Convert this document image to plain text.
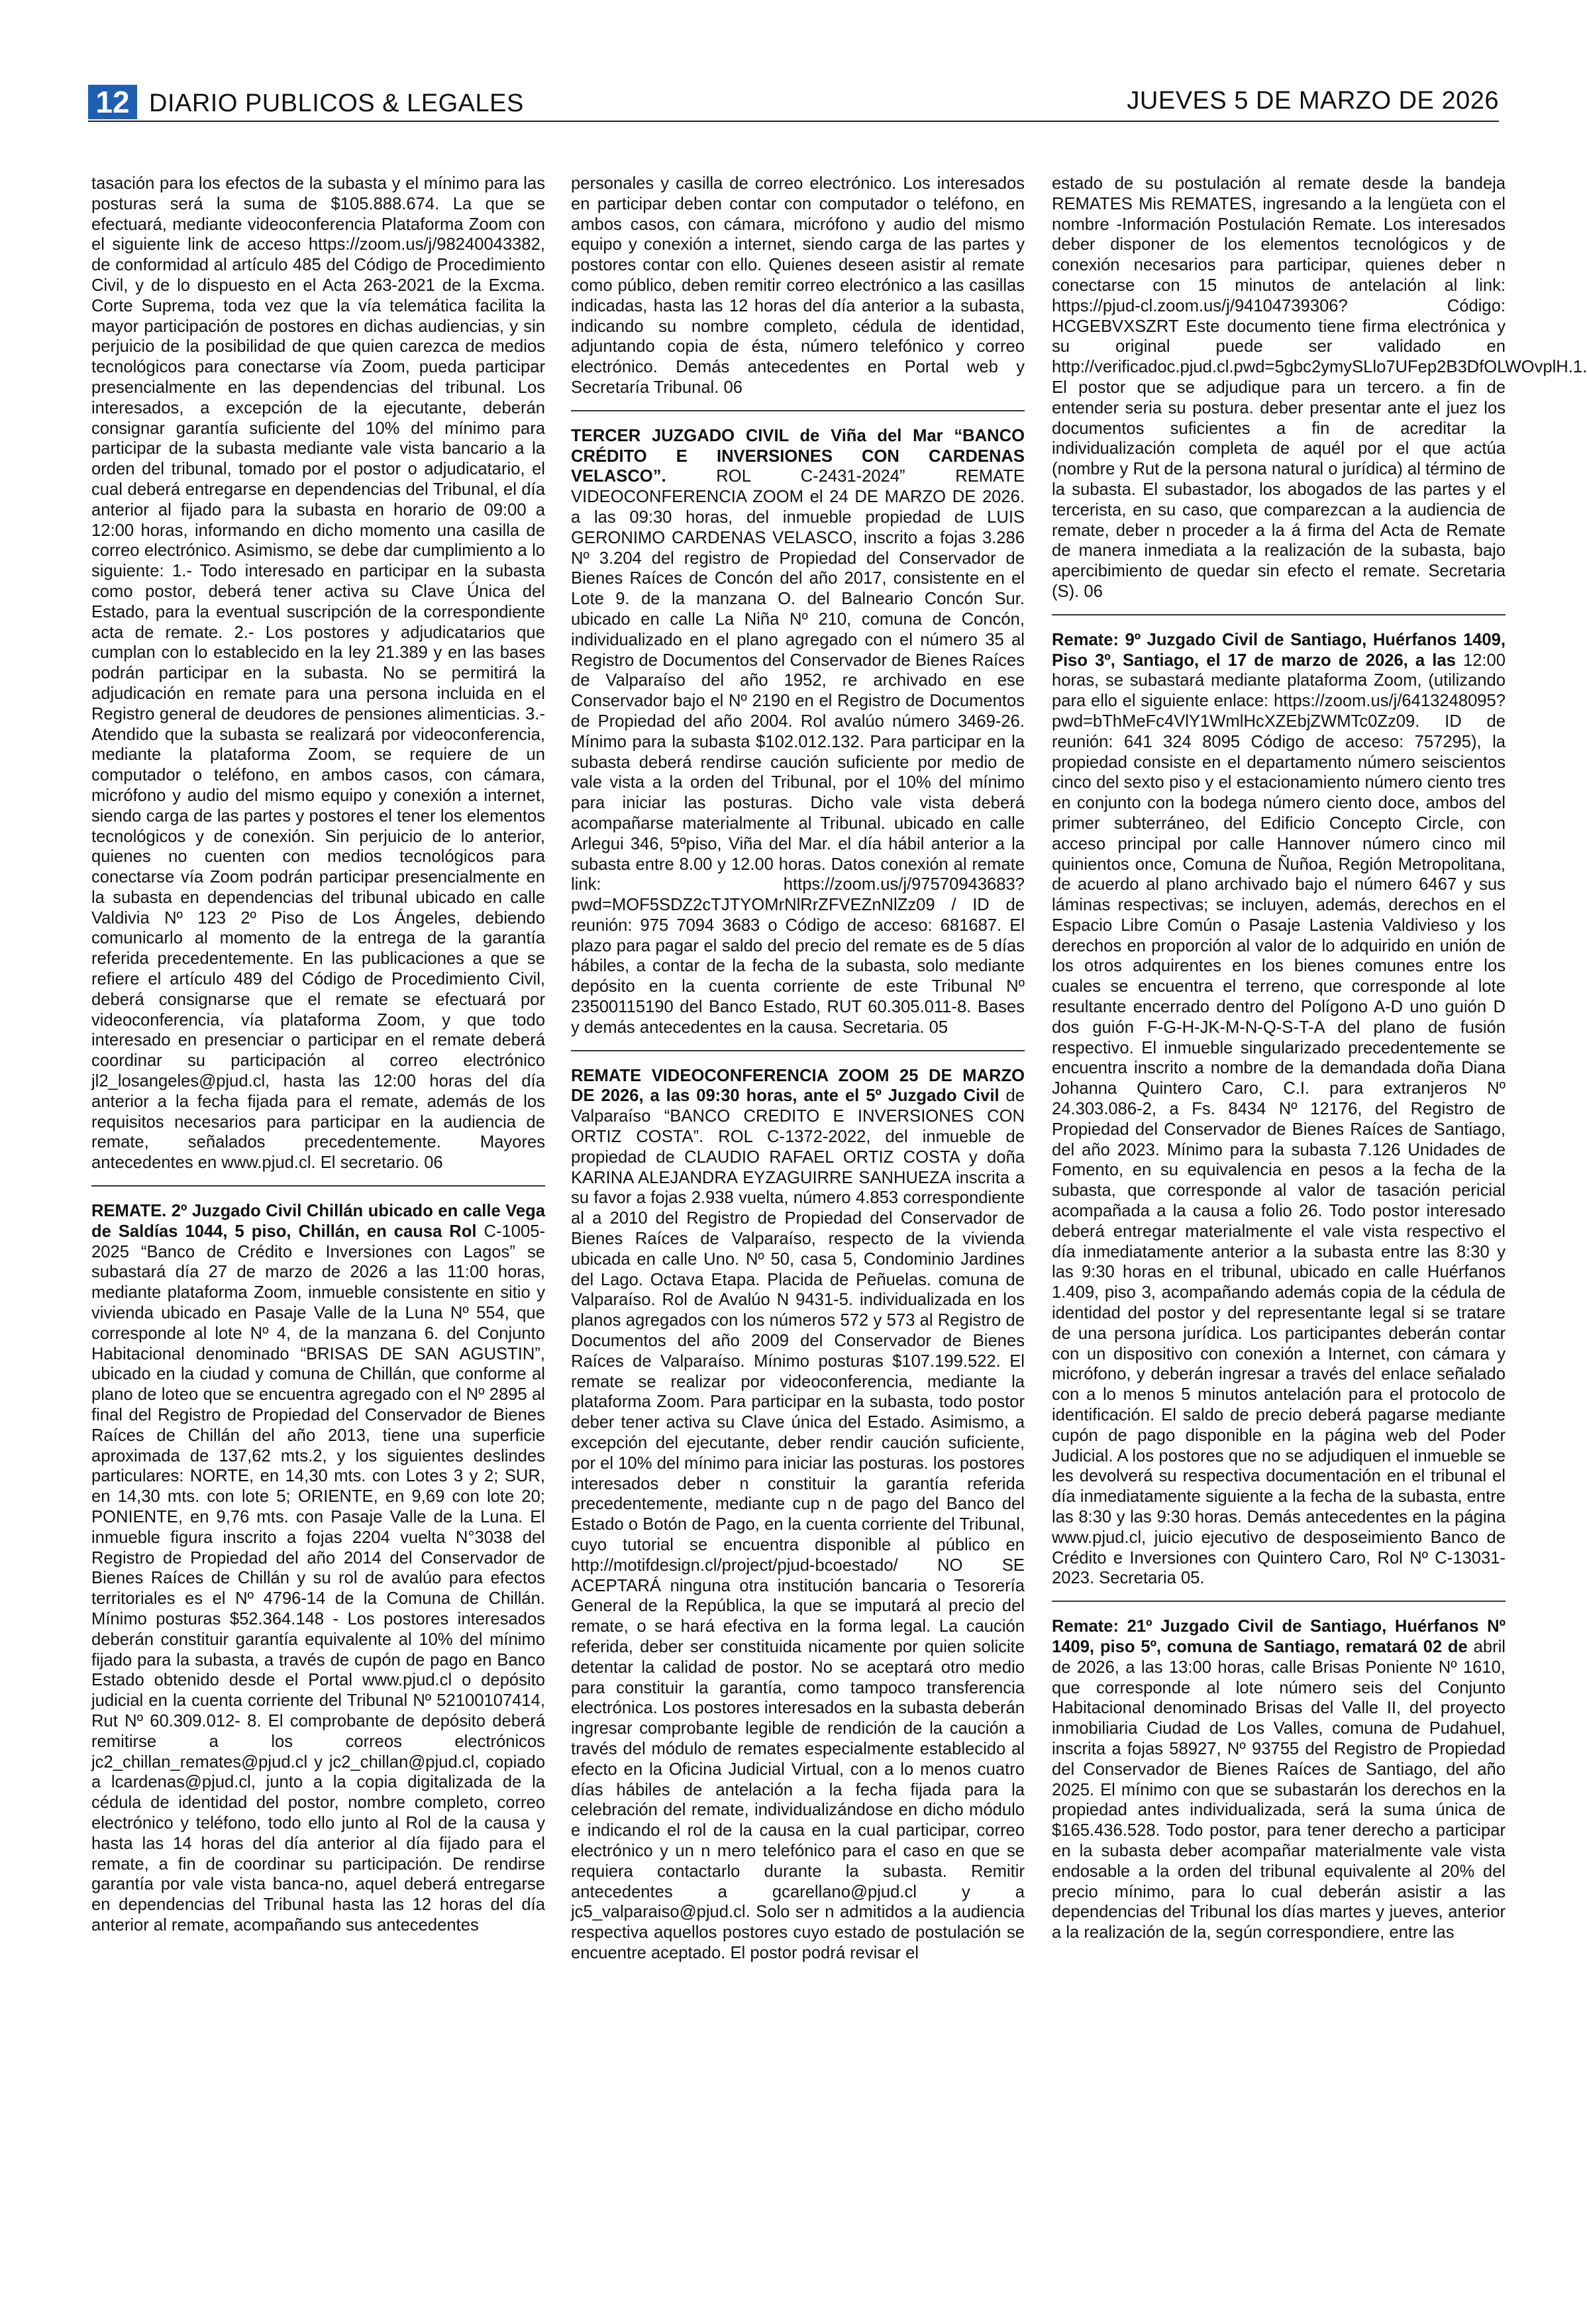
12 DIARIO PUBLICOS & LEGALES	JUEVES 5 DE MARZO DE 2026

tasación para los efectos de la subasta y el mínimo para las posturas será la suma de $105.888.674. La que se efectuará, mediante videoconferencia Plataforma Zoom con el siguiente link de acceso https://zoom.us/j/98240043382, de conformidad al artículo 485 del Código de Procedimiento Civil, y de lo dispuesto en el Acta 263-2021 de la Excma. Corte Suprema, toda vez que la vía telemática facilita la mayor participación de postores en dichas audiencias, y sin perjuicio de la posibilidad de que quien carezca de medios tecnológicos para conectarse vía Zoom, pueda participar presencialmente en las dependencias del tribunal. Los interesados, a excepción de la ejecutante, deberán consignar garantía suficiente del 10% del mínimo para participar de la subasta mediante vale vista bancario a la orden del tribunal, tomado por el postor o adjudicatario, el cual deberá entregarse en dependencias del Tribunal, el día anterior al fijado para la subasta en horario de 09:00 a 12:00 horas, informando en dicho momento una casilla de correo electrónico. Asimismo, se debe dar cumplimiento a lo siguiente: 1.- Todo interesado en participar en la subasta como postor, deberá tener activa su Clave Única del Estado, para la eventual suscripción de la correspondiente acta de remate. 2.- Los postores y adjudicatarios que cumplan con lo establecido en la ley 21.389 y en las bases podrán participar en la subasta. No se permitirá la adjudicación en remate para una persona incluida en el Registro general de deudores de pensiones alimenticias. 3.- Atendido que la subasta se realizará por videoconferencia, mediante la plataforma Zoom, se requiere de un computador o teléfono, en ambos casos, con cámara, micrófono y audio del mismo equipo y conexión a internet, siendo carga de las partes y postores el tener los elementos tecnológicos y de conexión. Sin perjuicio de lo anterior, quienes no cuenten con medios tecnológicos para conectarse vía Zoom podrán participar presencialmente en la subasta en dependencias del tribunal ubicado en calle Valdivia Nº 123 2º Piso de Los Ángeles, debiendo comunicarlo al momento de la entrega de la garantía referida precedentemente. En las publicaciones a que se refiere el artículo 489 del Código de Procedimiento Civil, deberá consignarse que el remate se efectuará por videoconferencia, vía plataforma Zoom, y que todo interesado en presenciar o participar en el remate deberá coordinar su participación al correo electrónico jl2_losangeles@pjud.cl, hasta las 12:00 horas del día anterior a la fecha fijada para el remate, además de los requisitos necesarios para participar en la audiencia de remate, señalados precedentemente. Mayores antecedentes en www.pjud.cl. El secretario. 06

REMATE. 2º Juzgado Civil Chillán ubicado en calle Vega de Saldías 1044, 5 piso, Chillán, en causa Rol C-1005-2025 “Banco de Crédito e Inversiones con Lagos” se subastará día 27 de marzo de 2026 a las 11:00 horas, mediante plataforma Zoom, inmueble consistente en sitio y vivienda ubicado en Pasaje Valle de la Luna Nº 554, que corresponde al lote Nº 4, de la manzana 6. del Conjunto Habitacional denominado “BRISAS DE SAN AGUSTIN”, ubicado en la ciudad y comuna de Chillán, que conforme al plano de loteo que se encuentra agregado con el Nº 2895 al final del Registro de Propiedad del Conservador de Bienes Raíces de Chillán del año 2013, tiene una superficie aproximada de 137,62 mts.2, y los siguientes deslindes particulares: NORTE, en 14,30 mts. con Lotes 3 y 2; SUR, en 14,30 mts. con lote 5; ORIENTE, en 9,69 con lote 20; PONIENTE, en 9,76 mts. con Pasaje Valle de la Luna. El inmueble figura inscrito a fojas 2204 vuelta N°3038 del Registro de Propiedad del año 2014 del Conservador de Bienes Raíces de Chillán y su rol de avalúo para efectos territoriales es el Nº 4796-14 de la Comuna de Chillán. Mínimo posturas $52.364.148 - Los postores interesados deberán constituir garantía equivalente al 10% del mínimo fijado para la subasta, a través de cupón de pago en Banco Estado obtenido desde el Portal www.pjud.cl o depósito judicial en la cuenta corriente del Tribunal Nº 52100107414, Rut Nº 60.309.012- 8. El comprobante de depósito deberá remitirse a los correos electrónicos jc2_chillan_remates@pjud.cl y jc2_chillan@pjud.cl, copiado a lcardenas@pjud.cl, junto a la copia digitalizada de la cédula de identidad del postor, nombre completo, correo electrónico y teléfono, todo ello junto al Rol de la causa y hasta las 14 horas del día anterior al día fijado para el remate, a fin de coordinar su participación. De rendirse garantía por vale vista banca-no, aquel deberá entregarse en dependencias del Tribunal hasta las 12 horas del día anterior al remate, acompañando sus antecedentes

personales y casilla de correo electrónico. Los interesados en participar deben contar con computador o teléfono, en ambos casos, con cámara, micrófono y audio del mismo equipo y conexión a internet, siendo carga de las partes y postores contar con ello. Quienes deseen asistir al remate como público, deben remitir correo electrónico a las casillas indicadas, hasta las 12 horas del día anterior a la subasta, indicando su nombre completo, cédula de identidad, adjuntando copia de ésta, número telefónico y correo electrónico. Demás antecedentes en Portal web y Secretaría Tribunal. 06

TERCER JUZGADO CIVIL de Viña del Mar “BANCO CRÉDITO E INVERSIONES CON CARDENAS VELASCO”. ROL C-2431-2024” REMATE VIDEOCONFERENCIA ZOOM el 24 DE MARZO DE 2026. a las 09:30 horas, del inmueble propiedad de LUIS GERONIMO CARDENAS VELASCO, inscrito a fojas 3.286 Nº 3.204 del registro de Propiedad del Conservador de Bienes Raíces de Concón del año 2017, consistente en el Lote 9. de la manzana O. del Balneario Concón Sur. ubicado en calle La Niña Nº 210, comuna de Concón, individualizado en el plano agregado con el número 35 al Registro de Documentos del Conservador de Bienes Raíces de Valparaíso del año 1952, re archivado en ese Conservador bajo el Nº 2190 en el Registro de Documentos de Propiedad del año 2004. Rol avalúo número 3469-26. Mínimo para la subasta $102.012.132. Para participar en la subasta deberá rendirse caución suficiente por medio de vale vista a la orden del Tribunal, por el 10% del mínimo para iniciar las posturas. Dicho vale vista deberá acompañarse materialmente al Tribunal. ubicado en calle Arlegui 346, 5ºpiso, Viña del Mar. el día hábil anterior a la subasta entre 8.00 y 12.00 horas. Datos conexión al remate link: https://zoom.us/j/97570943683?pwd=MOF5SDZ2cTJTYOMrNlRrZFVEZnNlZz09 / ID de reunión: 975 7094 3683 o Código de acceso: 681687. El plazo para pagar el saldo del precio del remate es de 5 días hábiles, a contar de la fecha de la subasta, solo mediante depósito en la cuenta corriente de este Tribunal Nº 23500115190 del Banco Estado, RUT 60.305.011-8. Bases y demás antecedentes en la causa. Secretaria. 05

REMATE VIDEOCONFERENCIA ZOOM 25 DE MARZO DE 2026, a las 09:30 horas, ante el 5º Juzgado Civil de Valparaíso “BANCO CREDITO E INVERSIONES CON ORTIZ COSTA”. ROL C-1372-2022, del inmueble de propiedad de CLAUDIO RAFAEL ORTIZ COSTA y doña KARINA ALEJANDRA EYZAGUIRRE SANHUEZA inscrita a su favor a fojas 2.938 vuelta, número 4.853 correspondiente al a 2010 del Registro de Propiedad del Conservador de Bienes Raíces de Valparaíso, respecto de la vivienda ubicada en calle Uno. Nº 50, casa 5, Condominio Jardines del Lago. Octava Etapa. Placida de Peñuelas. comuna de Valparaíso. Rol de Avalúo N 9431-5. individualizada en los planos agregados con los números 572 y 573 al Registro de Documentos del año 2009 del Conservador de Bienes Raíces de Valparaíso. Mínimo posturas $107.199.522. El remate se realizar por videoconferencia, mediante la plataforma Zoom. Para participar en la subasta, todo postor deber tener activa su Clave única del Estado. Asimismo, a excepción del ejecutante, deber rendir caución suficiente, por el 10% del mínimo para iniciar las posturas. los postores interesados deber n constituir la garantía referida precedentemente, mediante cup n de pago del Banco del Estado o Botón de Pago, en la cuenta corriente del Tribunal, cuyo tutorial se encuentra disponible al público en http://motifdesign.cl/project/pjud-bcoestado/ NO SE ACEPTARÁ ninguna otra institución bancaria o Tesorería General de la República, la que se imputará al precio del remate, o se hará efectiva en la forma legal. La caución referida, deber ser constituida nicamente por quien solicite detentar la calidad de postor. No se aceptará otro medio para constituir la garantía, como tampoco transferencia electrónica. Los postores interesados en la subasta deberán ingresar comprobante legible de rendición de la caución a través del módulo de remates especialmente establecido al efecto en la Oficina Judicial Virtual, con a lo menos cuatro días hábiles de antelación a la fecha fijada para la celebración del remate, individualizándose en dicho módulo e indicando el rol de la causa en la cual participar, correo electrónico y un n mero telefónico para el caso en que se requiera contactarlo durante la subasta. Remitir antecedentes a gcarellano@pjud.cl y a jc5_valparaiso@pjud.cl. Solo ser n admitidos a la audiencia respectiva aquellos postores cuyo estado de postulación se encuentre aceptado. El postor podrá revisar el

estado de su postulación al remate desde la bandeja REMATES Mis REMATES, ingresando a la lengüeta con el nombre -Información Postulación Remate. Los interesados deber disponer de los elementos tecnológicos y de conexión necesarios para participar, quienes deber n conectarse con 15 minutos de antelación al link: https://pjud-cl.zoom.us/j/94104739306? Código: HCGEBVXSZRT Este documento tiene firma electrónica y su original puede ser validado en http://verificadoc.pjud.cl.pwd=5gbc2ymySLlo7UFep2B3DfOLWOvplH.1. El postor que se adjudique para un tercero. a fin de entender seria su postura. deber presentar ante el juez los documentos suficientes a fin de acreditar la individualización completa de aquél por el que actúa (nombre y Rut de la persona natural o jurídica) al término de la subasta. El subastador, los abogados de las partes y el tercerista, en su caso, que comparezcan a la audiencia de remate, deber n proceder a la á firma del Acta de Remate de manera inmediata a la realización de la subasta, bajo apercibimiento de quedar sin efecto el remate. Secretaria (S). 06

Remate: 9º Juzgado Civil de Santiago, Huérfanos 1409, Piso 3º, Santiago, el 17 de marzo de 2026, a las 12:00 horas, se subastará mediante plataforma Zoom, (utilizando para ello el siguiente enlace: https://zoom.us/j/6413248095?pwd=bThMeFc4VlY1WmlHcXZEbjZWMTc0Zz09. ID de reunión: 641 324 8095 Código de acceso: 757295), la propiedad consiste en el departamento número seiscientos cinco del sexto piso y el estacionamiento número ciento tres en conjunto con la bodega número ciento doce, ambos del primer subterráneo, del Edificio Concepto Circle, con acceso principal por calle Hannover número cinco mil quinientos once, Comuna de Ñuñoa, Región Metropolitana, de acuerdo al plano archivado bajo el número 6467 y sus láminas respectivas; se incluyen, además, derechos en el Espacio Libre Común o Pasaje Lastenia Valdivieso y los derechos en proporción al valor de lo adquirido en unión de los otros adquirentes en los bienes comunes entre los cuales se encuentra el terreno, que corresponde al lote resultante encerrado dentro del Polígono A-D uno guión D dos guión F-G-H-JK-M-N-Q-S-T-A del plano de fusión respectivo. El inmueble singularizado precedentemente se encuentra inscrito a nombre de la demandada doña Diana Johanna Quintero Caro, C.I. para extranjeros Nº 24.303.086-2, a Fs. 8434 Nº 12176, del Registro de Propiedad del Conservador de Bienes Raíces de Santiago, del año 2023. Mínimo para la subasta 7.126 Unidades de Fomento, en su equivalencia en pesos a la fecha de la subasta, que corresponde al valor de tasación pericial acompañada a la causa a folio 26. Todo postor interesado deberá entregar materialmente el vale vista respectivo el día inmediatamente anterior a la subasta entre las 8:30 y las 9:30 horas en el tribunal, ubicado en calle Huérfanos 1.409, piso 3, acompañando además copia de la cédula de identidad del postor y del representante legal si se tratare de una persona jurídica. Los participantes deberán contar con un dispositivo con conexión a Internet, con cámara y micrófono, y deberán ingresar a través del enlace señalado con a lo menos 5 minutos antelación para el protocolo de identificación. El saldo de precio deberá pagarse mediante cupón de pago disponible en la página web del Poder Judicial. A los postores que no se adjudiquen el inmueble se les devolverá su respectiva documentación en el tribunal el día inmediatamente siguiente a la fecha de la subasta, entre las 8:30 y las 9:30 horas. Demás antecedentes en la página www.pjud.cl, juicio ejecutivo de desposeimiento Banco de Crédito e Inversiones con Quintero Caro, Rol Nº C-13031-2023. Secretaria 05.

Remate: 21º Juzgado Civil de Santiago, Huérfanos Nº 1409, piso 5º, comuna de Santiago, rematará 02 de abril de 2026, a las 13:00 horas, calle Brisas Poniente Nº 1610, que corresponde al lote número seis del Conjunto Habitacional denominado Brisas del Valle II, del proyecto inmobiliaria Ciudad de Los Valles, comuna de Pudahuel, inscrita a fojas 58927, Nº 93755 del Registro de Propiedad del Conservador de Bienes Raíces de Santiago, del año 2025. El mínimo con que se subastarán los derechos en la propiedad antes individualizada, será la suma única de $165.436.528. Todo postor, para tener derecho a participar en la subasta deber acompañar materialmente vale vista endosable a la orden del tribunal equivalente al 20% del precio mínimo, para lo cual deberán asistir a las dependencias del Tribunal los días martes y jueves, anterior a la realización de la, según correspondiere, entre las
